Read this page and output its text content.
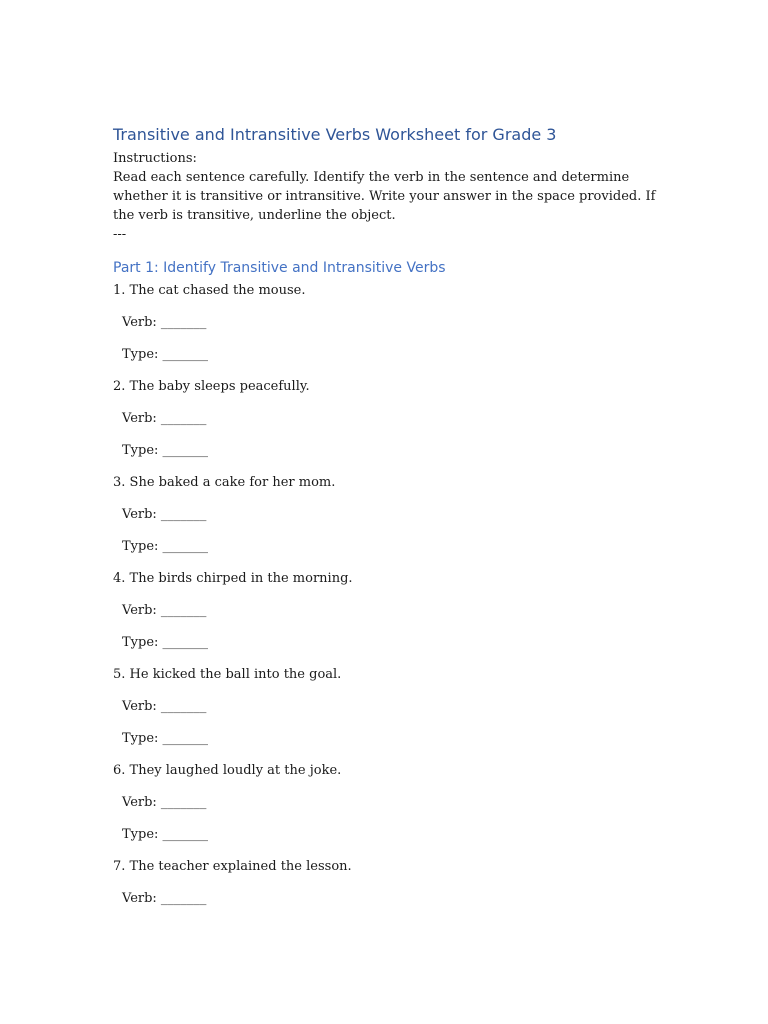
Transitive and Intransitive Verbs Worksheet for Grade 3

Instructions:

Read each sentence carefully. Identify the verb in the sentence and determine whether it is transitive or intransitive. Write your answer in the space provided. If the verb is transitive, underline the object.

---

Part 1: Identify Transitive and Intransitive Verbs
1. The cat chased the mouse.
Verb: _______
Type: _______
2. The baby sleeps peacefully.
Verb: _______
Type: _______
3. She baked a cake for her mom.
Verb: _______
Type: _______
4. The birds chirped in the morning.
Verb: _______
Type: _______
5. He kicked the ball into the goal.
Verb: _______
Type: _______
6. They laughed loudly at the joke.
Verb: _______
Type: _______
7. The teacher explained the lesson.
Verb: _______
